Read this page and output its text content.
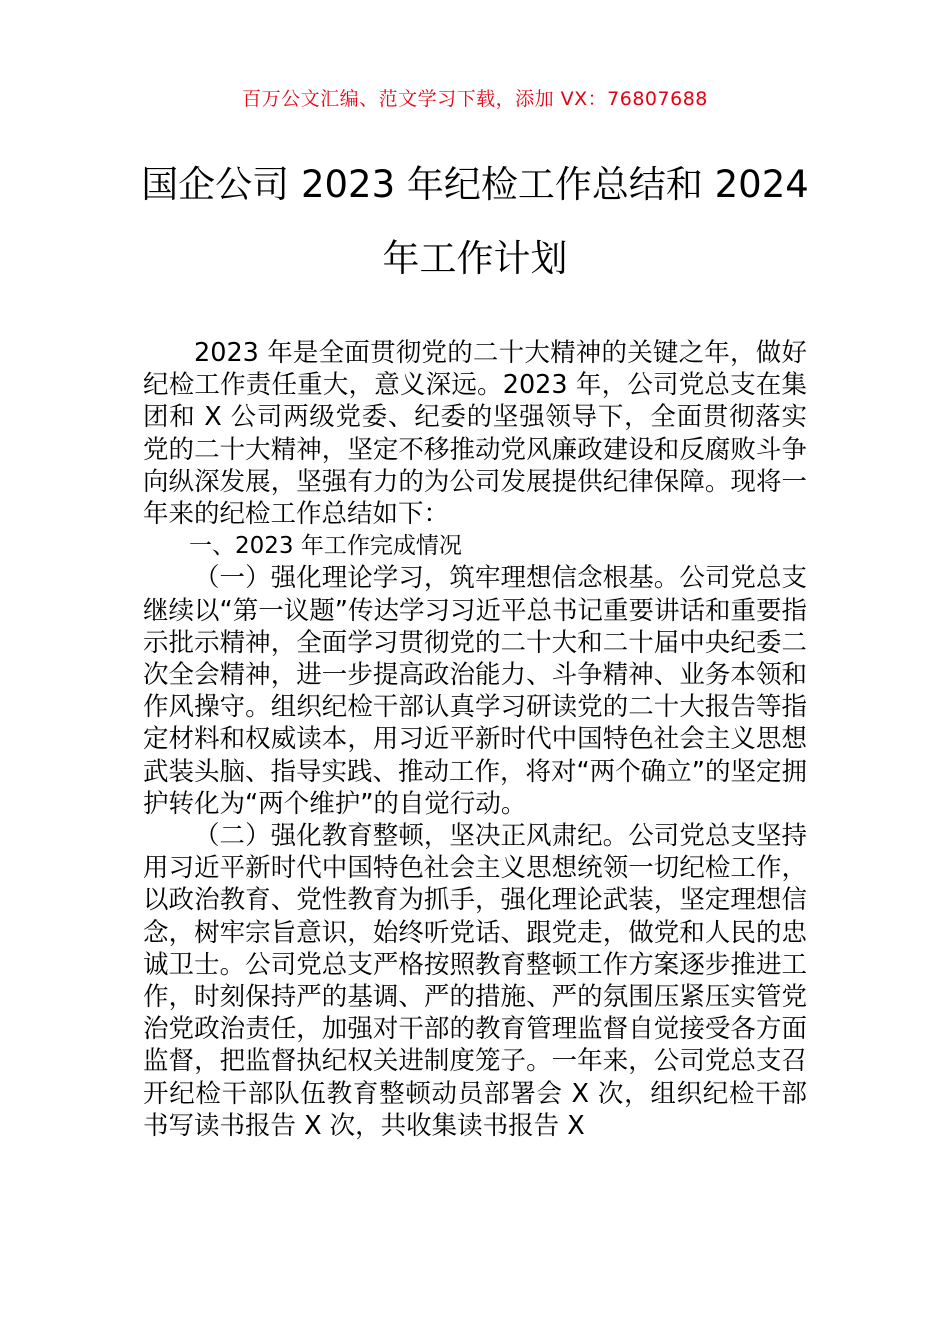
百万公文汇编、范文学习下载，添加 VX：76807688
国企公司 2023 年纪检工作总结和 2024 年工作计划

2023 年是全面贯彻党的二十大精神的关键之年，做好纪检工作责任重大，意义深远。2023 年，公司党总支在集团和 X 公司两级党委、纪委的坚强领导下，全面贯彻落实党的二十大精神，坚定不移推动党风廉政建设和反腐败斗争向纵深发展，坚强有力的为公司发展提供纪律保障。现将一年来的纪检工作总结如下：

一、2023 年工作完成情况

（一）强化理论学习，筑牢理想信念根基。公司党总支继续以“第一议题”传达学习习近平总书记重要讲话和重要指示批示精神，全面学习贯彻党的二十大和二十届中央纪委二次全会精神，进一步提高政治能力、斗争精神、业务本领和作风操守。组织纪检干部认真学习研读党的二十大报告等指定材料和权威读本，用习近平新时代中国特色社会主义思想武装头脑、指导实践、推动工作，将对“两个确立”的坚定拥护转化为“两个维护”的自觉行动。

（二）强化教育整顿，坚决正风肃纪。公司党总支坚持用习近平新时代中国特色社会主义思想统领一切纪检工作，以政治教育、党性教育为抓手，强化理论武装，坚定理想信念，树牢宗旨意识，始终听党话、跟党走，做党和人民的忠诚卫士。公司党总支严格按照教育整顿工作方案逐步推进工作，时刻保持严的基调、严的措施、严的氛围压紧压实管党治党政治责任，加强对干部的教育管理监督自觉接受各方面监督，把监督执纪权关进制度笼子。一年来，公司党总支召开纪检干部队伍教育整顿动员部署会 X 次，组织纪检干部书写读书报告 X 次，共收集读书报告 X
